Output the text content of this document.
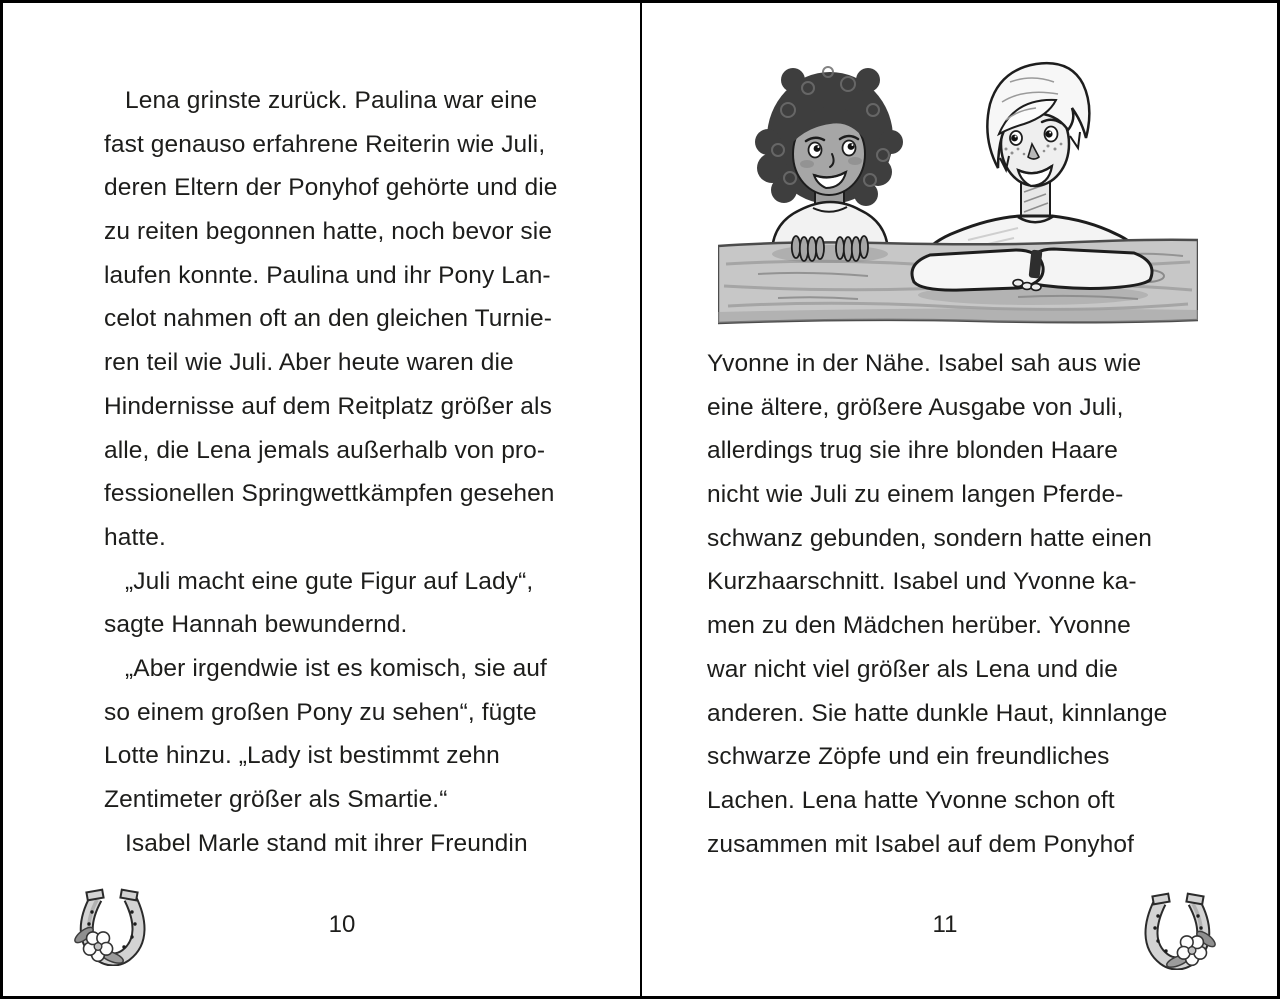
Lena grinste zurück. Paulina war eine
fast genauso erfahrene Reiterin wie Juli,
deren Eltern der Ponyhof gehörte und die
zu reiten begonnen hatte, noch bevor sie
laufen konnte. Paulina und ihr Pony Lan-
celot nahmen oft an den gleichen Turnie-
ren teil wie Juli. Aber heute waren die
Hindernisse auf dem Reitplatz größer als
alle, die Lena jemals außerhalb von pro-
fessionellen Springwettkämpfen gesehen
hatte.
„Juli macht eine gute Figur auf Lady“,
sagte Hannah bewundernd.
„Aber irgendwie ist es komisch, sie auf
so einem großen Pony zu sehen“, fügte
Lotte hinzu. „Lady ist bestimmt zehn
Zentimeter größer als Smartie.“
Isabel Marle stand mit ihrer Freundin
10
Yvonne in der Nähe. Isabel sah aus wie
eine ältere, größere Ausgabe von Juli,
allerdings trug sie ihre blonden Haare
nicht wie Juli zu einem langen Pferde-
schwanz gebunden, sondern hatte einen
Kurzhaarschnitt. Isabel und Yvonne ka-
men zu den Mädchen herüber. Yvonne
war nicht viel größer als Lena und die
anderen. Sie hatte dunkle Haut, kinnlange
schwarze Zöpfe und ein freundliches
Lachen. Lena hatte Yvonne schon oft
zusammen mit Isabel auf dem Ponyhof
11
